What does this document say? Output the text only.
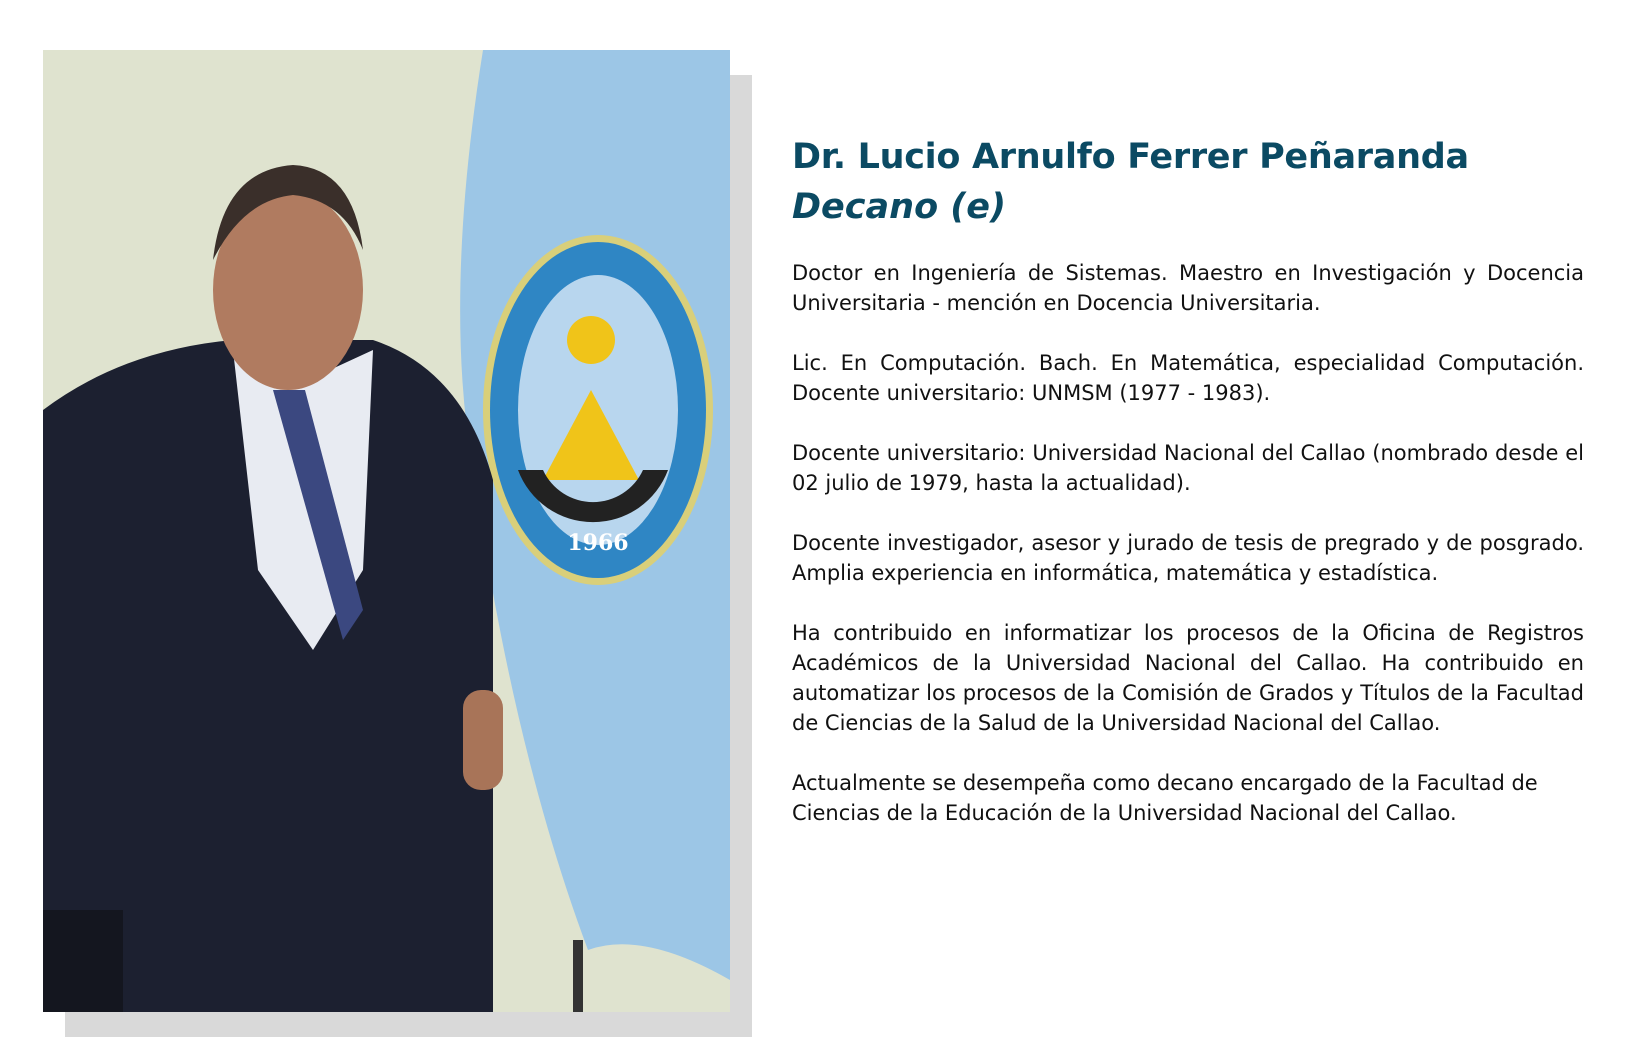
1966
Dr. Lucio Arnulfo Ferrer Peñaranda
Decano (e)

Doctor en Ingeniería de Sistemas. Maestro en Investigación y Docencia Universitaria - mención en Docencia Universitaria.

Lic. En Computación. Bach. En Matemática, especialidad Computación. Docente universitario: UNMSM (1977 - 1983).

Docente universitario: Universidad Nacional del Callao (nombrado desde el 02 julio de 1979, hasta la actualidad).

Docente investigador, asesor y jurado de tesis de pregrado y de posgrado. Amplia experiencia en informática, matemática y estadística.

Ha contribuido en informatizar los procesos de la Oficina de Registros Académicos de la Universidad Nacional del Callao. Ha contribuido en automatizar los procesos de la Comisión de Grados y Títulos de la Facultad de Ciencias de la Salud de la Universidad Nacional del Callao.

Actualmente se desempeña como decano encargado de la Facultad de Ciencias de la Educación de la Universidad Nacional del Callao.
